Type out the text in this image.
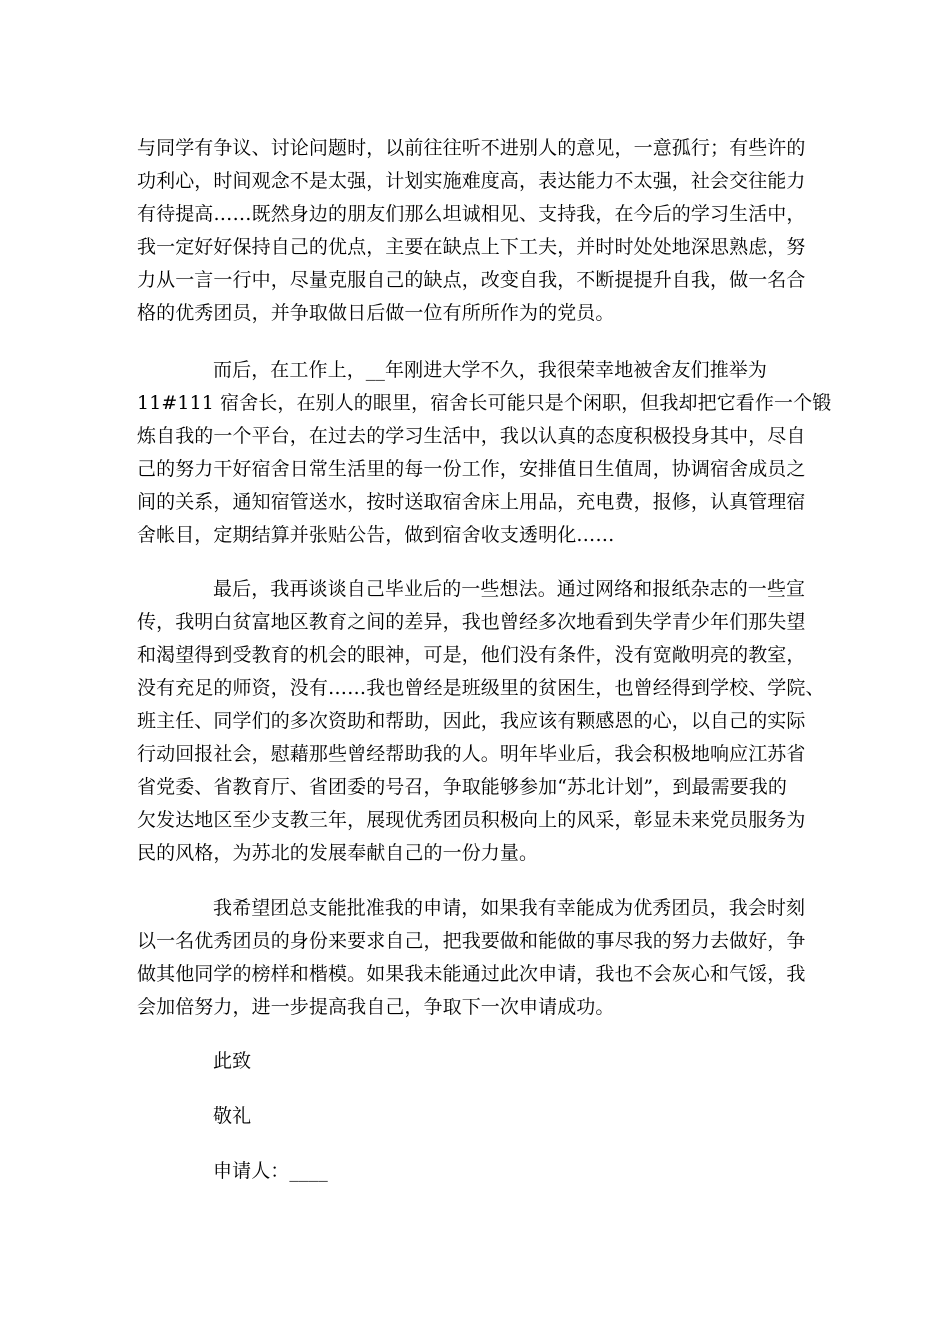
与同学有争议、讨论问题时，以前往往听不进别人的意见，一意孤行；有些许的
功利心，时间观念不是太强，计划实施难度高，表达能力不太强，社会交往能力
有待提高……既然身边的朋友们那么坦诚相见、支持我，在今后的学习生活中，
我一定好好保持自己的优点，主要在缺点上下工夫，并时时处处地深思熟虑，努
力从一言一行中，尽量克服自己的缺点，改变自我，不断提提升自我，做一名合
格的优秀团员，并争取做日后做一位有所所作为的党员。
而后，在工作上，__年刚进大学不久，我很荣幸地被舍友们推举为
11#111 宿舍长，在别人的眼里，宿舍长可能只是个闲职，但我却把它看作一个锻
炼自我的一个平台，在过去的学习生活中，我以认真的态度积极投身其中，尽自
己的努力干好宿舍日常生活里的每一份工作，安排值日生值周，协调宿舍成员之
间的关系，通知宿管送水，按时送取宿舍床上用品，充电费，报修，认真管理宿
舍帐目，定期结算并张贴公告，做到宿舍收支透明化……
最后，我再谈谈自己毕业后的一些想法。通过网络和报纸杂志的一些宣
传，我明白贫富地区教育之间的差异，我也曾经多次地看到失学青少年们那失望
和渴望得到受教育的机会的眼神，可是，他们没有条件，没有宽敞明亮的教室，
没有充足的师资，没有……我也曾经是班级里的贫困生，也曾经得到学校、学院、
班主任、同学们的多次资助和帮助，因此，我应该有颗感恩的心，以自己的实际
行动回报社会，慰藉那些曾经帮助我的人。明年毕业后，我会积极地响应江苏省
省党委、省教育厅、省团委的号召，争取能够参加“苏北计划”，到最需要我的
欠发达地区至少支教三年，展现优秀团员积极向上的风采，彰显未来党员服务为
民的风格，为苏北的发展奉献自己的一份力量。
我希望团总支能批准我的申请，如果我有幸能成为优秀团员，我会时刻
以一名优秀团员的身份来要求自己，把我要做和能做的事尽我的努力去做好，争
做其他同学的榜样和楷模。如果我未能通过此次申请，我也不会灰心和气馁，我
会加倍努力，进一步提高我自己，争取下一次申请成功。
此致
敬礼
申请人：____
